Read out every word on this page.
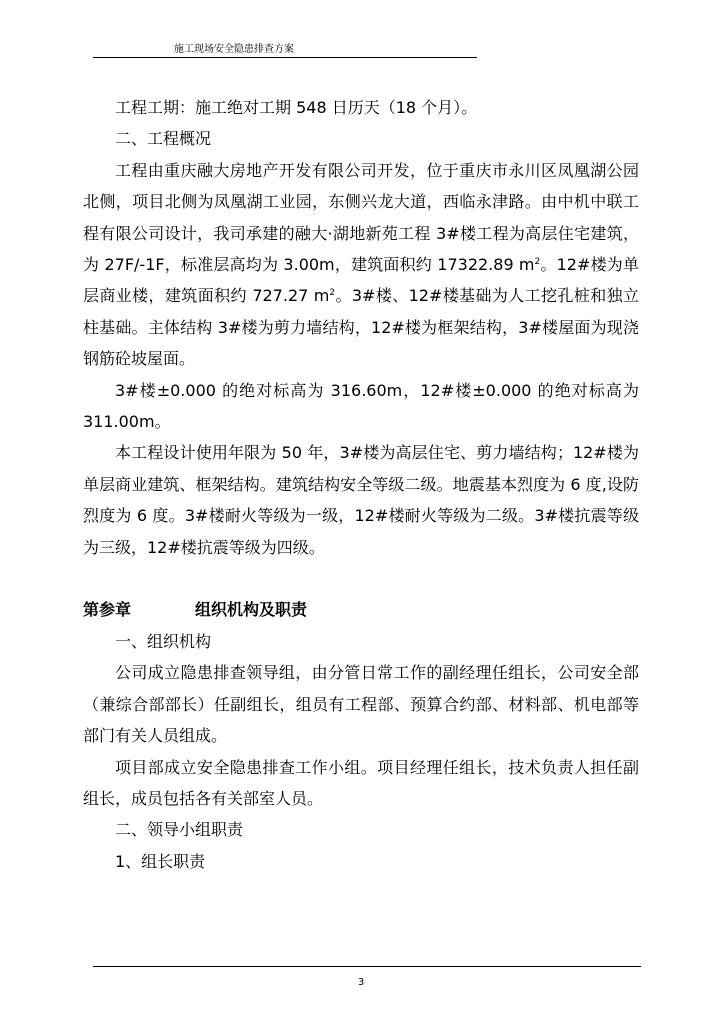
施工现场安全隐患排查方案

工程工期：施工绝对工期 548 日历天（18 个月）。

二、工程概况

工程由重庆融大房地产开发有限公司开发，位于重庆市永川区凤凰湖公园北侧，项目北侧为凤凰湖工业园，东侧兴龙大道，西临永津路。由中机中联工程有限公司设计，我司承建的融大·湖地新苑工程 3#楼工程为高层住宅建筑，为 27F/-1F，标准层高均为 3.00m，建筑面积约 17322.89 $m^2$。12#楼为单层商业楼，建筑面积约 727.27 $m^2$。3#楼、12#楼基础为人工挖孔桩和独立柱基础。主体结构 3#楼为剪力墙结构，12#楼为框架结构，3#楼屋面为现浇钢筋砼坡屋面。

3#楼±0.000 的绝对标高为 316.60m，12#楼±0.000 的绝对标高为 311.00m。

本工程设计使用年限为 50 年，3#楼为高层住宅、剪力墙结构；12#楼为单层商业建筑、框架结构。建筑结构安全等级二级。地震基本烈度为 6 度,设防烈度为 6 度。3#楼耐火等级为一级，12#楼耐火等级为二级。3#楼抗震等级为三级，12#楼抗震等级为四级。

第参章	组织机构及职责

一、组织机构

公司成立隐患排查领导组，由分管日常工作的副经理任组长，公司安全部（兼综合部部长）任副组长，组员有工程部、预算合约部、材料部、机电部等部门有关人员组成。

项目部成立安全隐患排查工作小组。项目经理任组长，技术负责人担任副组长，成员包括各有关部室人员。

二、领导小组职责

1、组长职责

3
